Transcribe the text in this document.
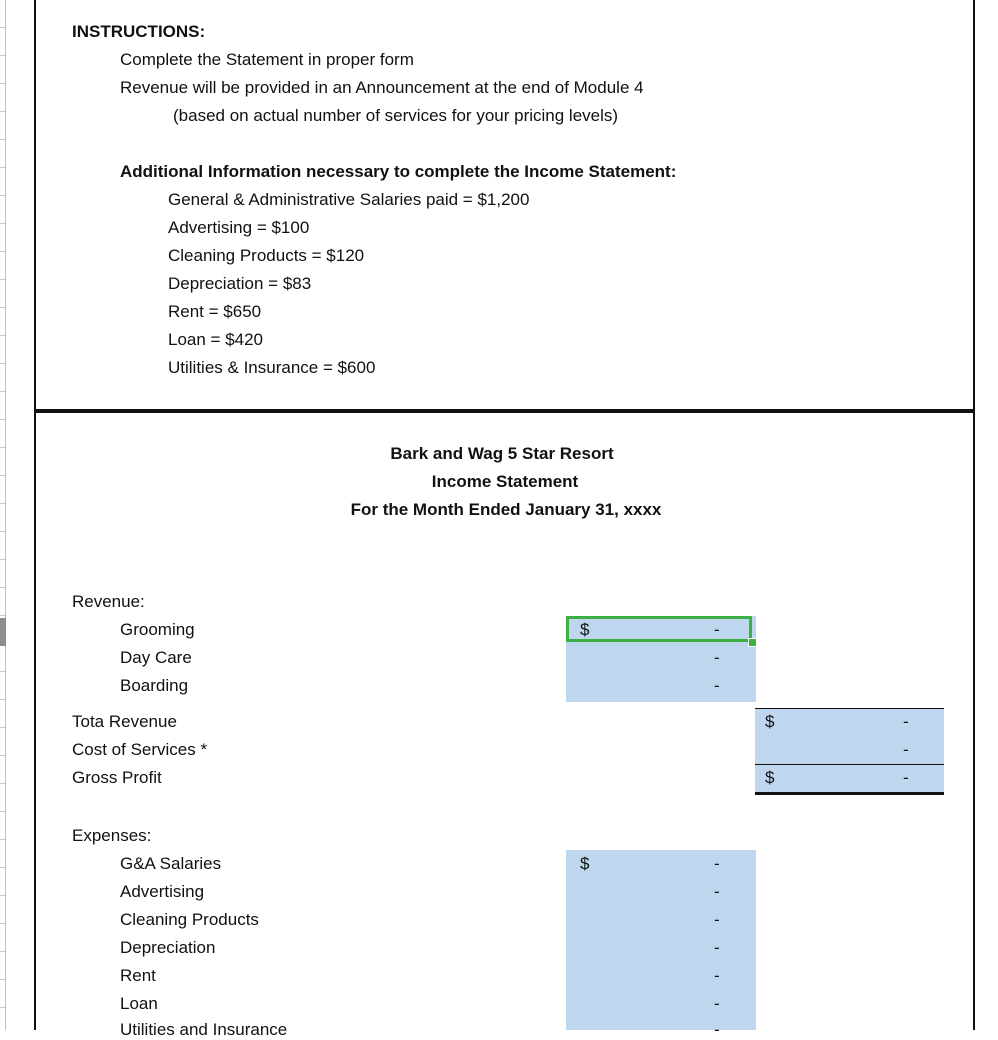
INSTRUCTIONS:
Complete the Statement in proper form
Revenue will be provided in an Announcement at the end of Module 4
(based on actual number of services for your pricing levels)
Additional Information necessary to complete the Income Statement:
General & Administrative Salaries paid = $1,200
Advertising = $100
Cleaning Products = $120
Depreciation = $83
Rent = $650
Loan = $420
Utilities & Insurance = $600
Bark and Wag 5 Star Resort
Income Statement
For the Month Ended January 31, xxxx
Revenue:
Grooming	$	-
Day Care	-
Boarding	-
Tota Revenue	$	-
Cost of Services *	-
Gross Profit	$	-
Expenses:
G&A Salaries	$	-
Advertising	-
Cleaning Products	-
Depreciation	-
Rent	-
Loan	-
Utilities and Insurance	-
